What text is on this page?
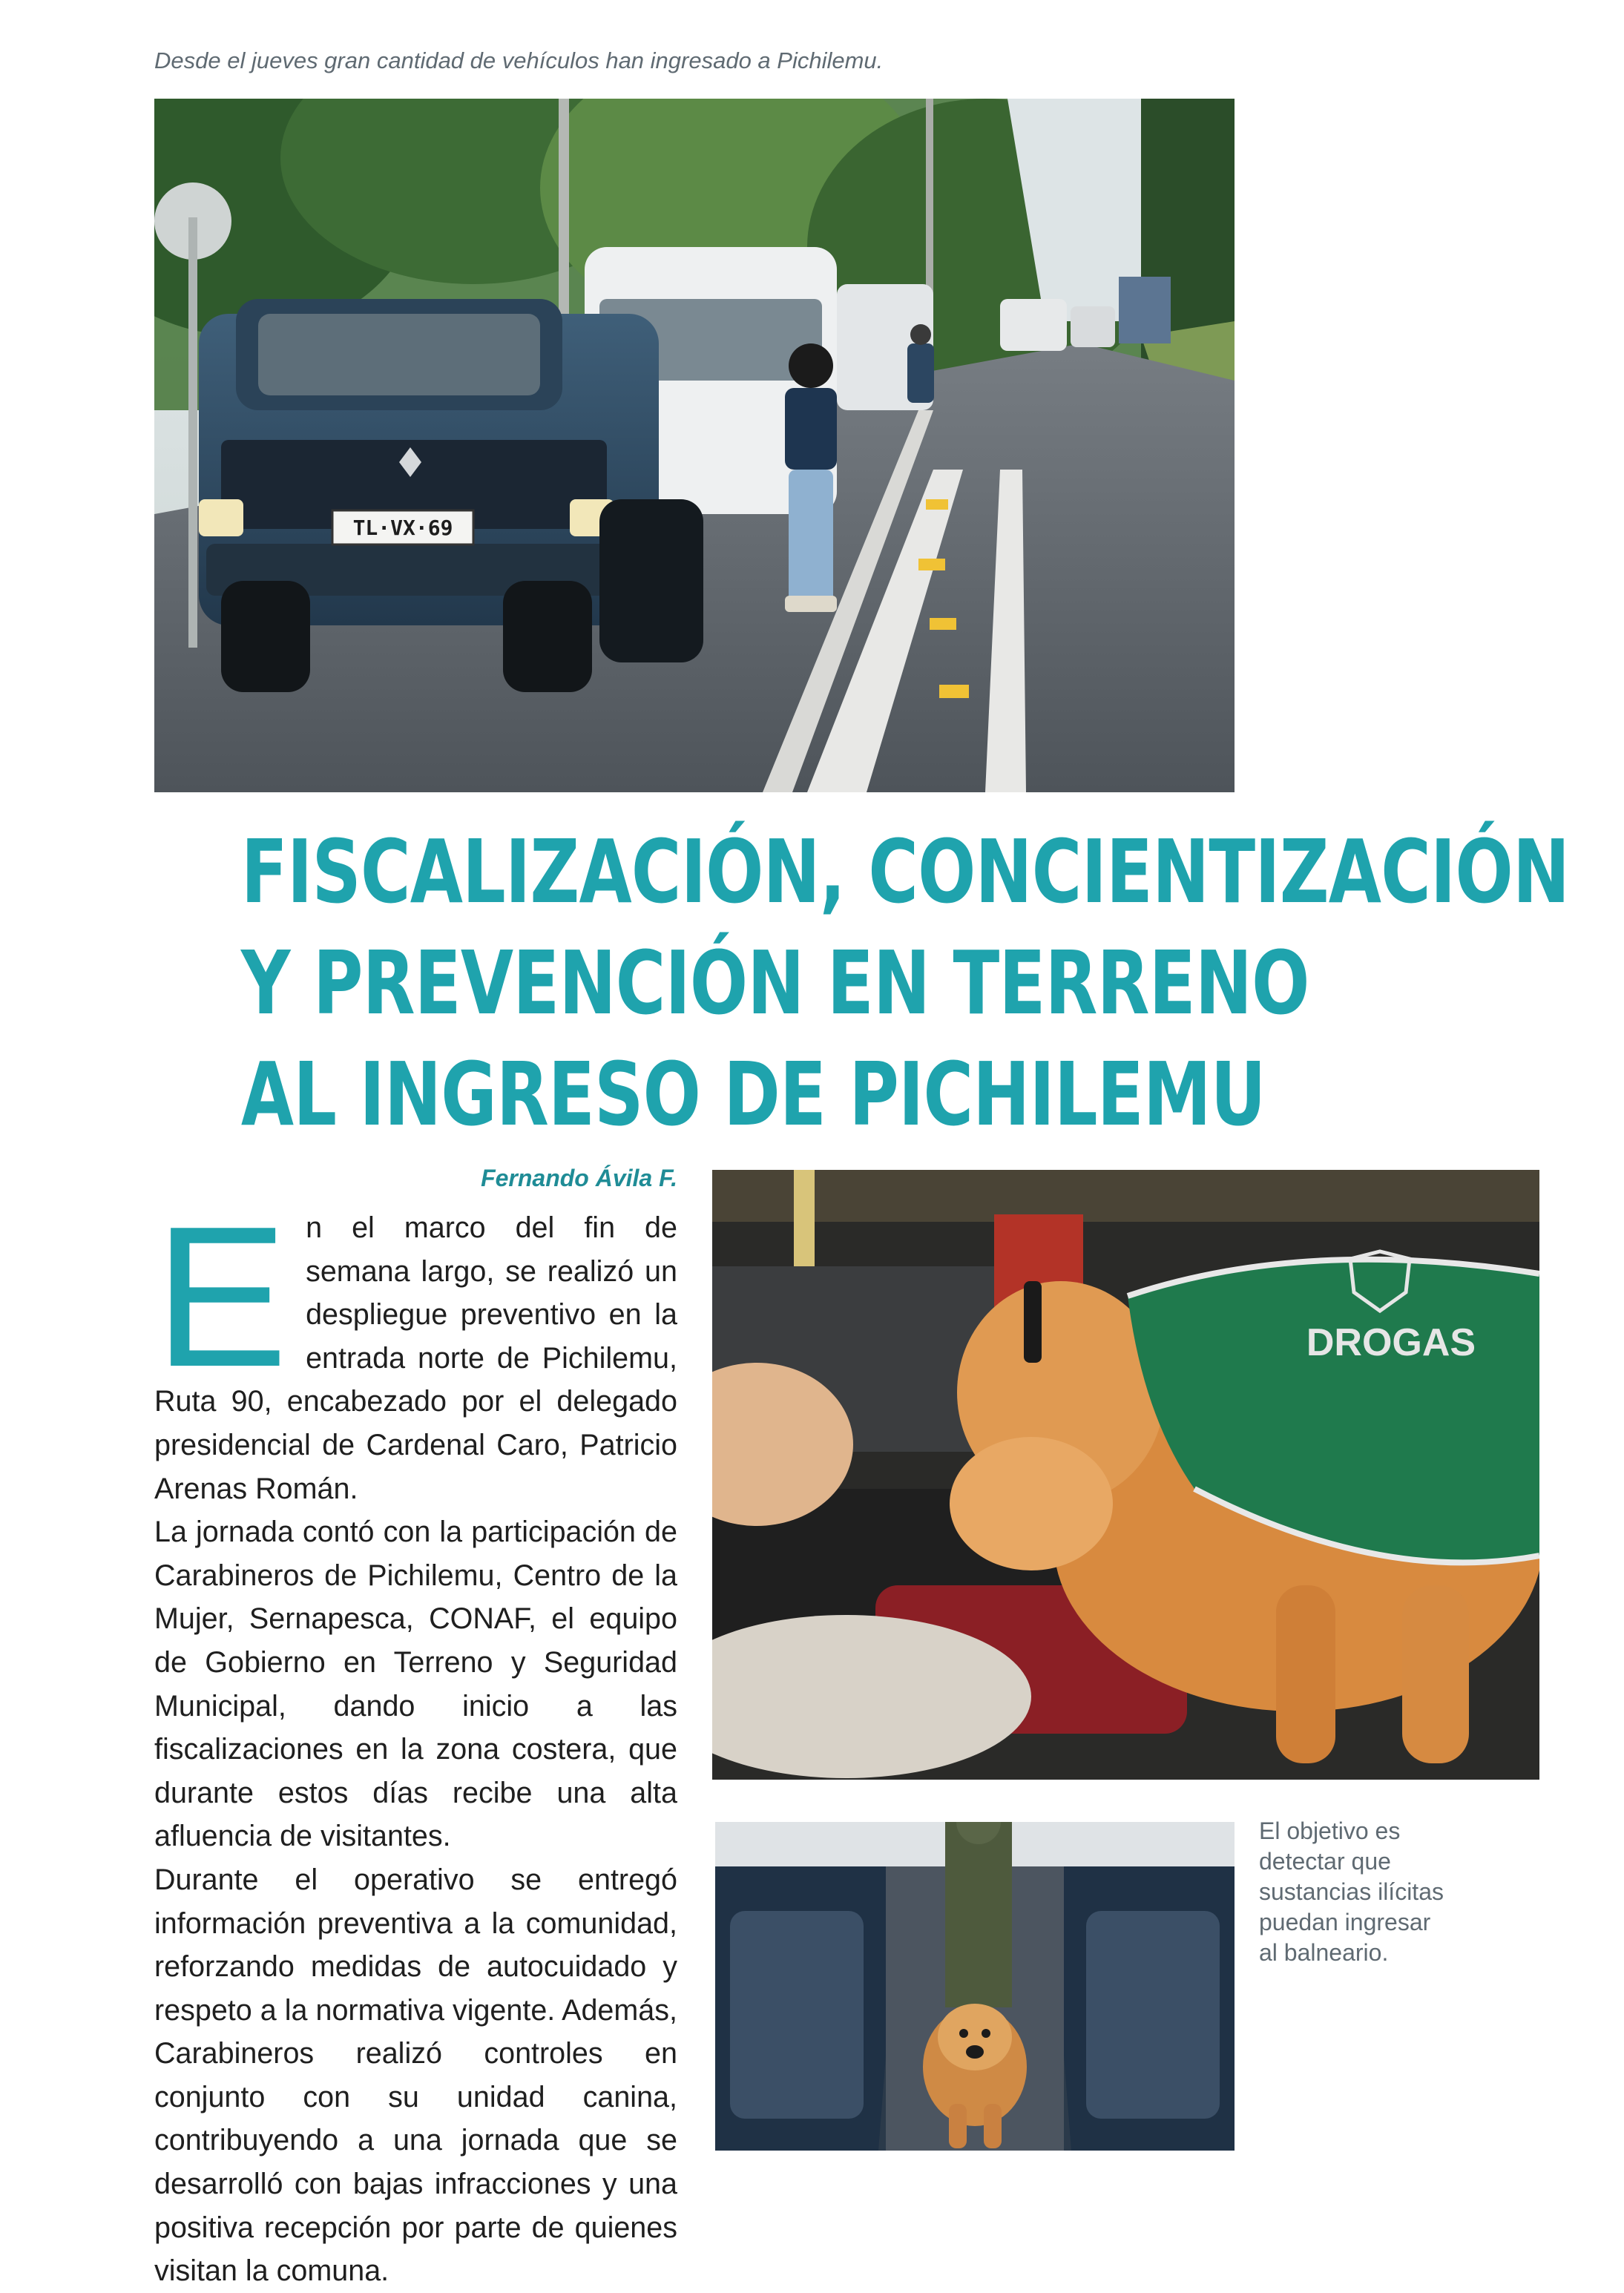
Desde el jueves gran cantidad de vehículos han ingresado a Pichilemu.
TL·VX·69
FISCALIZACIÓN, CONCIENTIZACIÓN
Y PREVENCIÓN EN TERRENO
AL INGRESO DE PICHILEMU
Fernando Ávila F.
E n el marco del fin de semana largo, se realizó un despliegue preventivo en la entrada norte de Pichilemu, Ruta 90, encabezado por el delegado presidencial de Cardenal Caro, Patricio Arenas Román.

La jornada contó con la participación de Carabineros de Pichilemu, Centro de la Mujer, Sernapesca, CONAF, el equipo de Gobierno en Terreno y Seguridad Municipal, dando inicio a las fiscalizaciones en la zona costera, que durante estos días recibe una alta afluencia de visitantes.

Durante el operativo se entregó información preventiva a la comunidad, reforzando medidas de autocuidado y respeto a la normativa vigente. Además, Carabineros realizó controles en conjunto con su unidad canina, contribuyendo a una jornada que se desarrolló con bajas infracciones y una positiva recepción por parte de quienes visitan la comuna.

DROGAS
El objetivo es detectar que sustancias ilícitas puedan ingresar al balneario.
